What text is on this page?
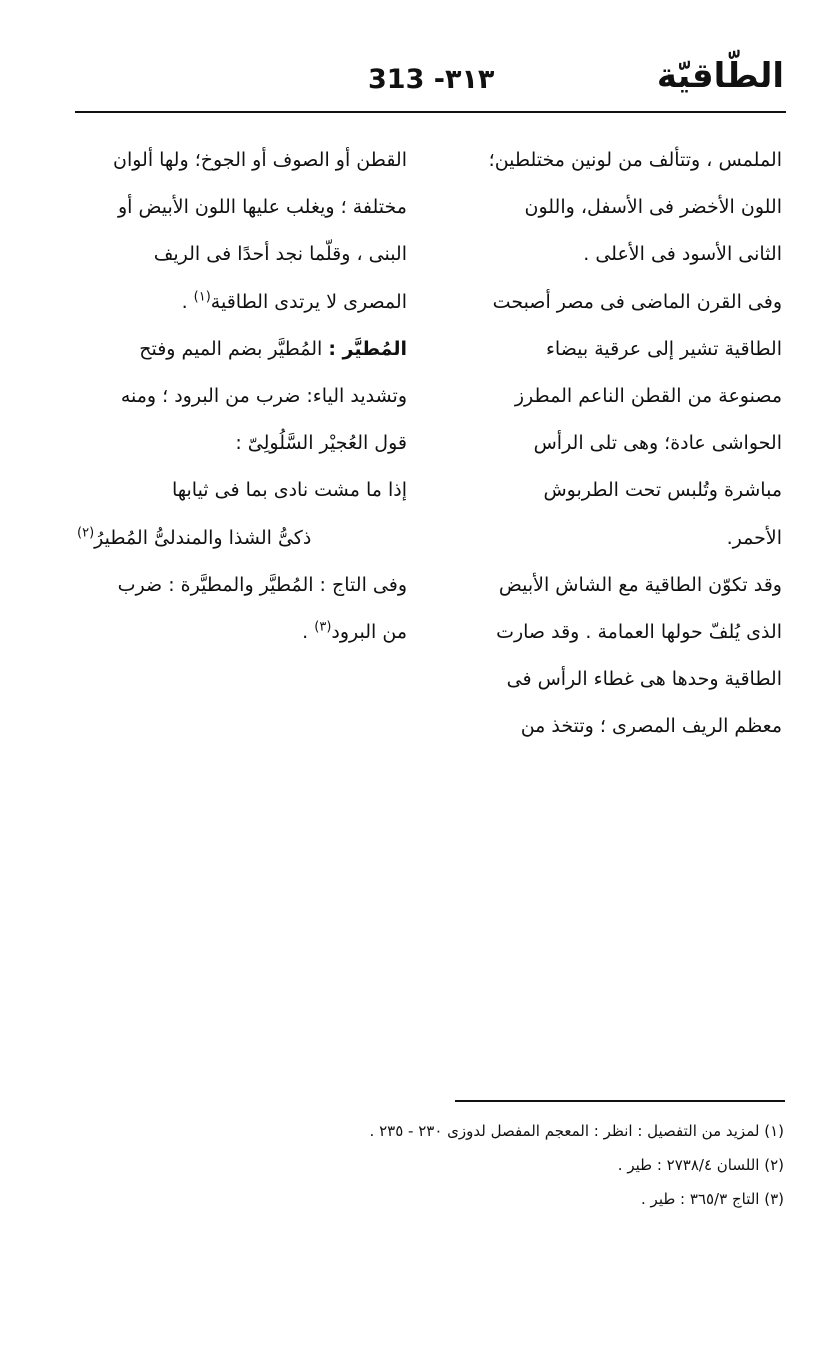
الطّاقيّة
313 -٣١٣

الملمس ، وتتألف من لونين مختلطين؛

اللون الأخضر فى الأسفل، واللون

الثانى الأسود فى الأعلى .

وفى القرن الماضى فى مصر أصبحت

الطاقية تشير إلى عرقية بيضاء

مصنوعة من القطن الناعم المطرز

الحواشى عادة؛ وهى تلى الرأس

مباشرة وتُلبس تحت الطربوش

الأحمر.

وقد تكوّن الطاقية مع الشاش الأبيض

الذى يُلفّ حولها العمامة . وقد صارت

الطاقية وحدها هى غطاء الرأس فى

معظم الريف المصرى ؛ وتتخذ من

القطن أو الصوف أو الجوخ؛ ولها ألوان

مختلفة ؛ ويغلب عليها اللون الأبيض أو

البنى ، وقلّما نجد أحدًا فى الريف

المصرى لا يرتدى الطاقية$^{(١)}$ .

المُطيَّر : المُطيَّر بضم الميم وفتح

وتشديد الياء: ضرب من البرود ؛ ومنه

قول العُجيْر السَّلُولِىّ :

إذا ما مشت نادى بما فى ثيابها

ذكىُّ الشذا والمندلىُّ المُطيرُ$^{(٢)}$

وفى التاج : المُطيَّر والمطيَّرة : ضرب

من البرود$^{(٣)}$ .

(١) لمزيد من التفصيل : انظر : المعجم المفصل لدوزى ٢٣٠ - ٢٣٥ .
(٢) اللسان ٢٧٣٨/٤ : طير .
(٣) التاج ٣٦٥/٣ : طير .
